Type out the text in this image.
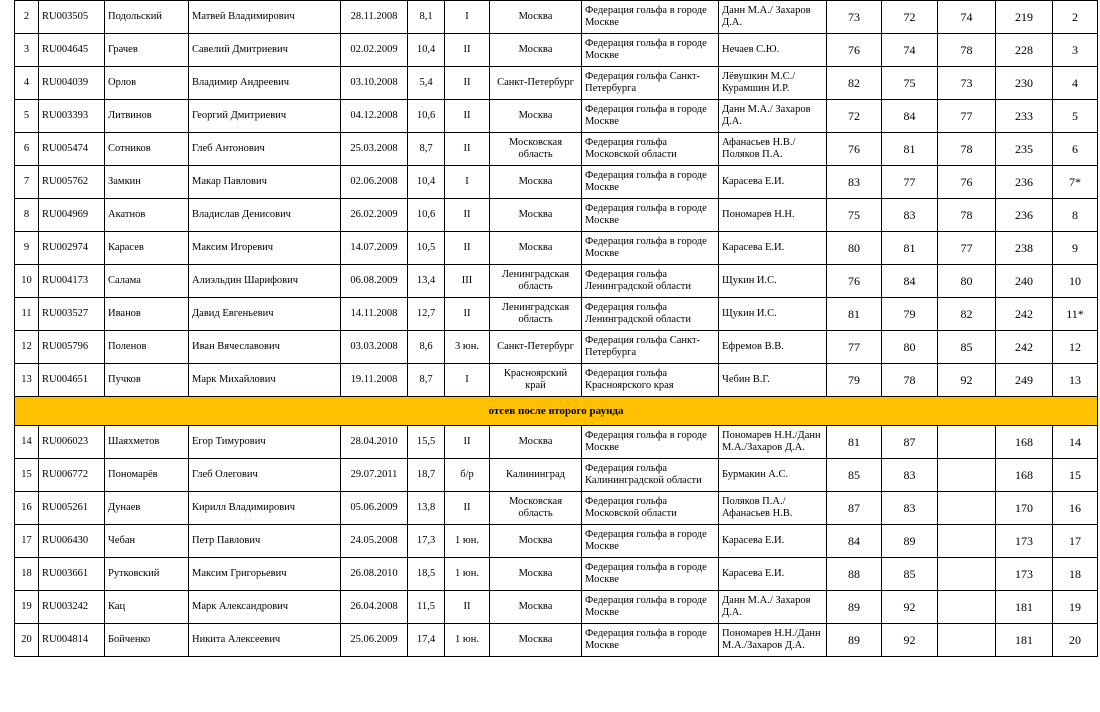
2	RU003505	Подольский	Матвей Владимирович	28.11.2008	8,1	I	Москва	Федерация гольфа в городе Москве	Данн М.А./ Захаров Д.А.	73	72	74	219	2
3	RU004645	Грачев	Савелий Дмитриевич	02.02.2009	10,4	II	Москва	Федерация гольфа в городе Москве	Нечаев С.Ю.	76	74	78	228	3
4	RU004039	Орлов	Владимир Андреевич	03.10.2008	5,4	II	Санкт-Петербург	Федерация гольфа Санкт-Петербурга	Лёвушкин М.С./ Курамшин И.Р.	82	75	73	230	4
5	RU003393	Литвинов	Георгий Дмитриевич	04.12.2008	10,6	II	Москва	Федерация гольфа в городе Москве	Данн М.А./ Захаров Д.А.	72	84	77	233	5
6	RU005474	Сотников	Глеб Антонович	25.03.2008	8,7	II	Московская область	Федерация гольфа Московской области	Афанасьев Н.В./ Поляков П.А.	76	81	78	235	6
7	RU005762	Замкин	Макар Павлович	02.06.2008	10,4	I	Москва	Федерация гольфа в городе Москве	Карасева Е.И.	83	77	76	236	7*
8	RU004969	Акатнов	Владислав Денисович	26.02.2009	10,6	II	Москва	Федерация гольфа в городе Москве	Пономарев Н.Н.	75	83	78	236	8
9	RU002974	Карасев	Максим Игоревич	14.07.2009	10,5	II	Москва	Федерация гольфа в городе Москве	Карасева Е.И.	80	81	77	238	9
10	RU004173	Салама	Алиэльдин Шарифович	06.08.2009	13,4	III	Ленинградская область	Федерация гольфа Ленинградской области	Щукин И.С.	76	84	80	240	10
11	RU003527	Иванов	Давид Евгеньевич	14.11.2008	12,7	II	Ленинградская область	Федерация гольфа Ленинградской области	Щукин И.С.	81	79	82	242	11*
12	RU005796	Поленов	Иван Вячеславович	03.03.2008	8,6	3 юн.	Санкт-Петербург	Федерация гольфа Санкт-Петербурга	Ефремов В.В.	77	80	85	242	12
13	RU004651	Пучков	Марк Михайлович	19.11.2008	8,7	I	Красноярский край	Федерация гольфа Красноярского края	Чебин В.Г.	79	78	92	249	13
отсев после второго раунда														
14	RU006023	Шаяхметов	Егор Тимурович	28.04.2010	15,5	II	Москва	Федерация гольфа в городе Москве	Пономарев Н.Н./Данн М.А./Захаров Д.А.	81	87		168	14
15	RU006772	Пономарёв	Глеб Олегович	29.07.2011	18,7	б/р	Калининград	Федерация гольфа Калининградской области	Бурмакин А.С.	85	83		168	15
16	RU005261	Дунаев	Кирилл Владимирович	05.06.2009	13,8	II	Московская область	Федерация гольфа Московской области	Поляков П.А./ Афанасьев Н.В.	87	83		170	16
17	RU006430	Чебан	Петр Павлович	24.05.2008	17,3	1 юн.	Москва	Федерация гольфа в городе Москве	Карасева Е.И.	84	89		173	17
18	RU003661	Рутковский	Максим Григорьевич	26.08.2010	18,5	1 юн.	Москва	Федерация гольфа в городе Москве	Карасева Е.И.	88	85		173	18
19	RU003242	Кац	Марк Александрович	26.04.2008	11,5	II	Москва	Федерация гольфа в городе Москве	Данн М.А./ Захаров Д.А.	89	92		181	19
20	RU004814	Бойченко	Никита Алексеевич	25.06.2009	17,4	1 юн.	Москва	Федерация гольфа в городе Москве	Пономарев Н.Н./Данн М.А./Захаров Д.А.	89	92		181	20
